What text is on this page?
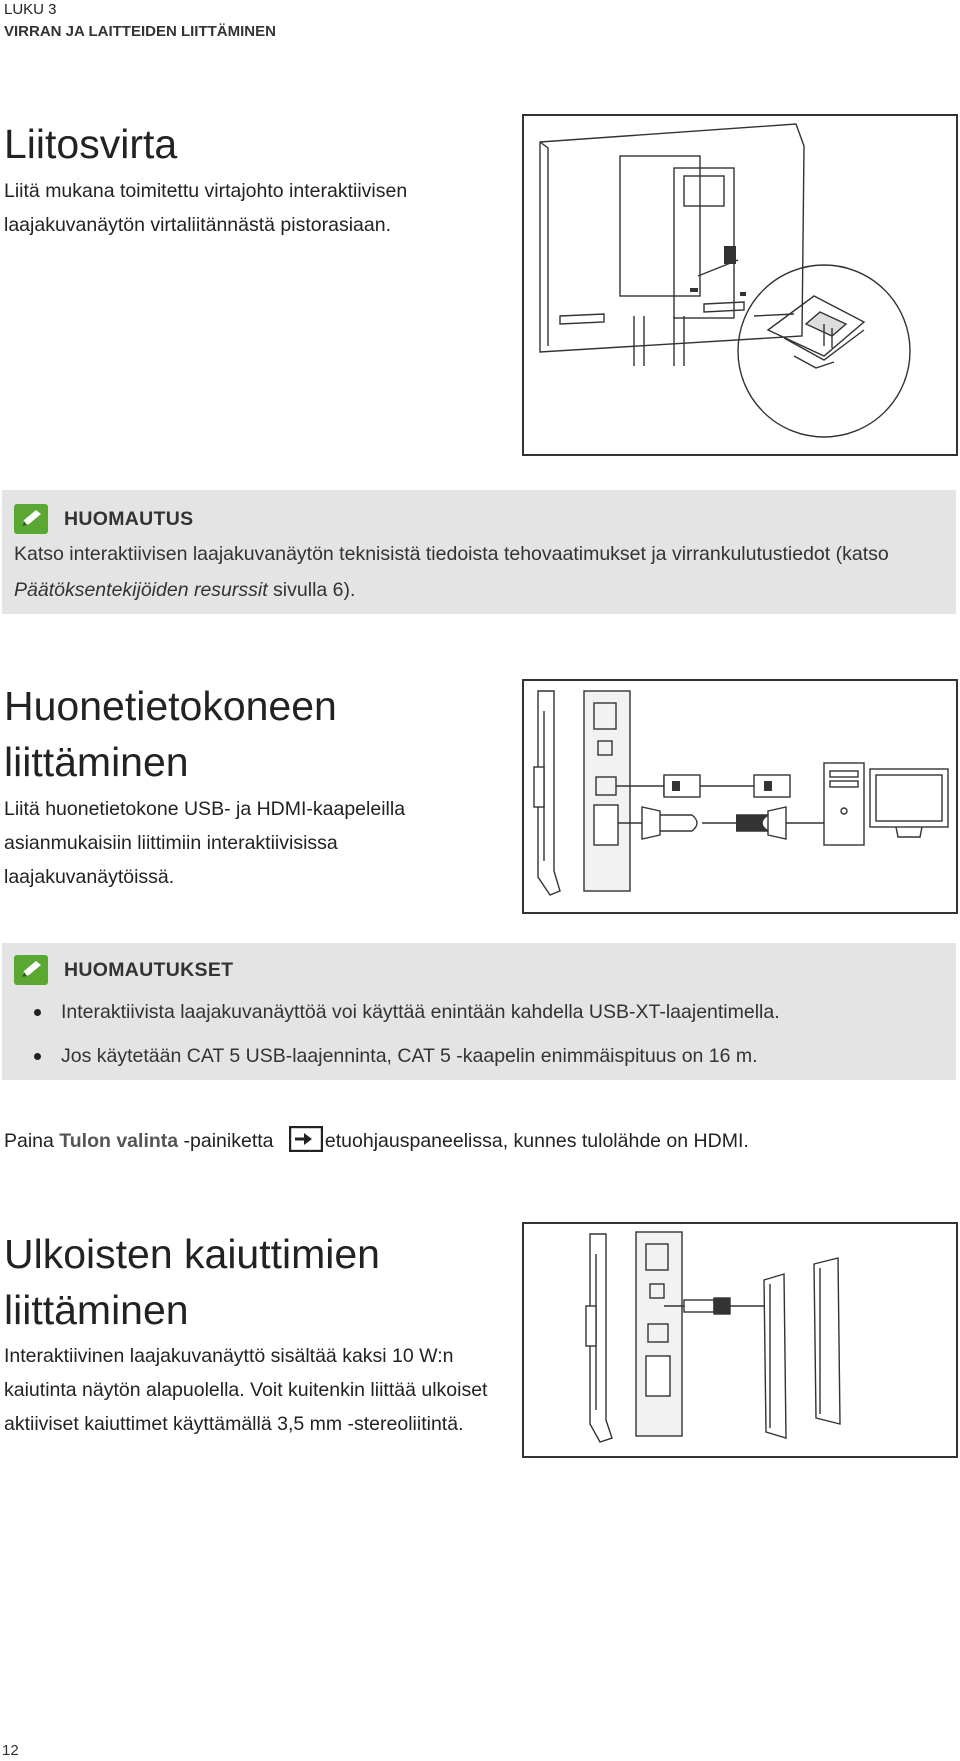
LUKU 3
VIRRAN JA LAITTEIDEN LIITTÄMINEN
Liitosvirta

Liitä mukana toimitettu virtajohto interaktiivisen laajakuvanäytön virtaliitännästä pistorasiaan.

HUOMAUTUS
Katso interaktiivisen laajakuvanäytön teknisistä tiedoista tehovaatimukset ja virrankulutustiedot (katso Päätöksentekijöiden resurssit sivulla 6).
Huonetietokoneen
liittäminen

Liitä huonetietokone USB- ja HDMI-kaapeleilla asianmukaisiin liittimiin interaktiivisissa laajakuvanäytöissä.

HUOMAUTUKSET
Interaktiivista laajakuvanäyttöä voi käyttää enintään kahdella USB-XT-laajentimella.
Jos käytetään CAT 5 USB-laajenninta, CAT 5 -kaapelin enimmäispituus on 16 m.
Paina Tulon valinta -painiketta etuohjauspaneelissa, kunnes tulolähde on HDMI.
Ulkoisten kaiuttimien
liittäminen

Interaktiivinen laajakuvanäyttö sisältää kaksi 10 W:n kaiutinta näytön alapuolella. Voit kuitenkin liittää ulkoiset aktiiviset kaiuttimet käyttämällä 3,5 mm -stereoliitintä.

12
